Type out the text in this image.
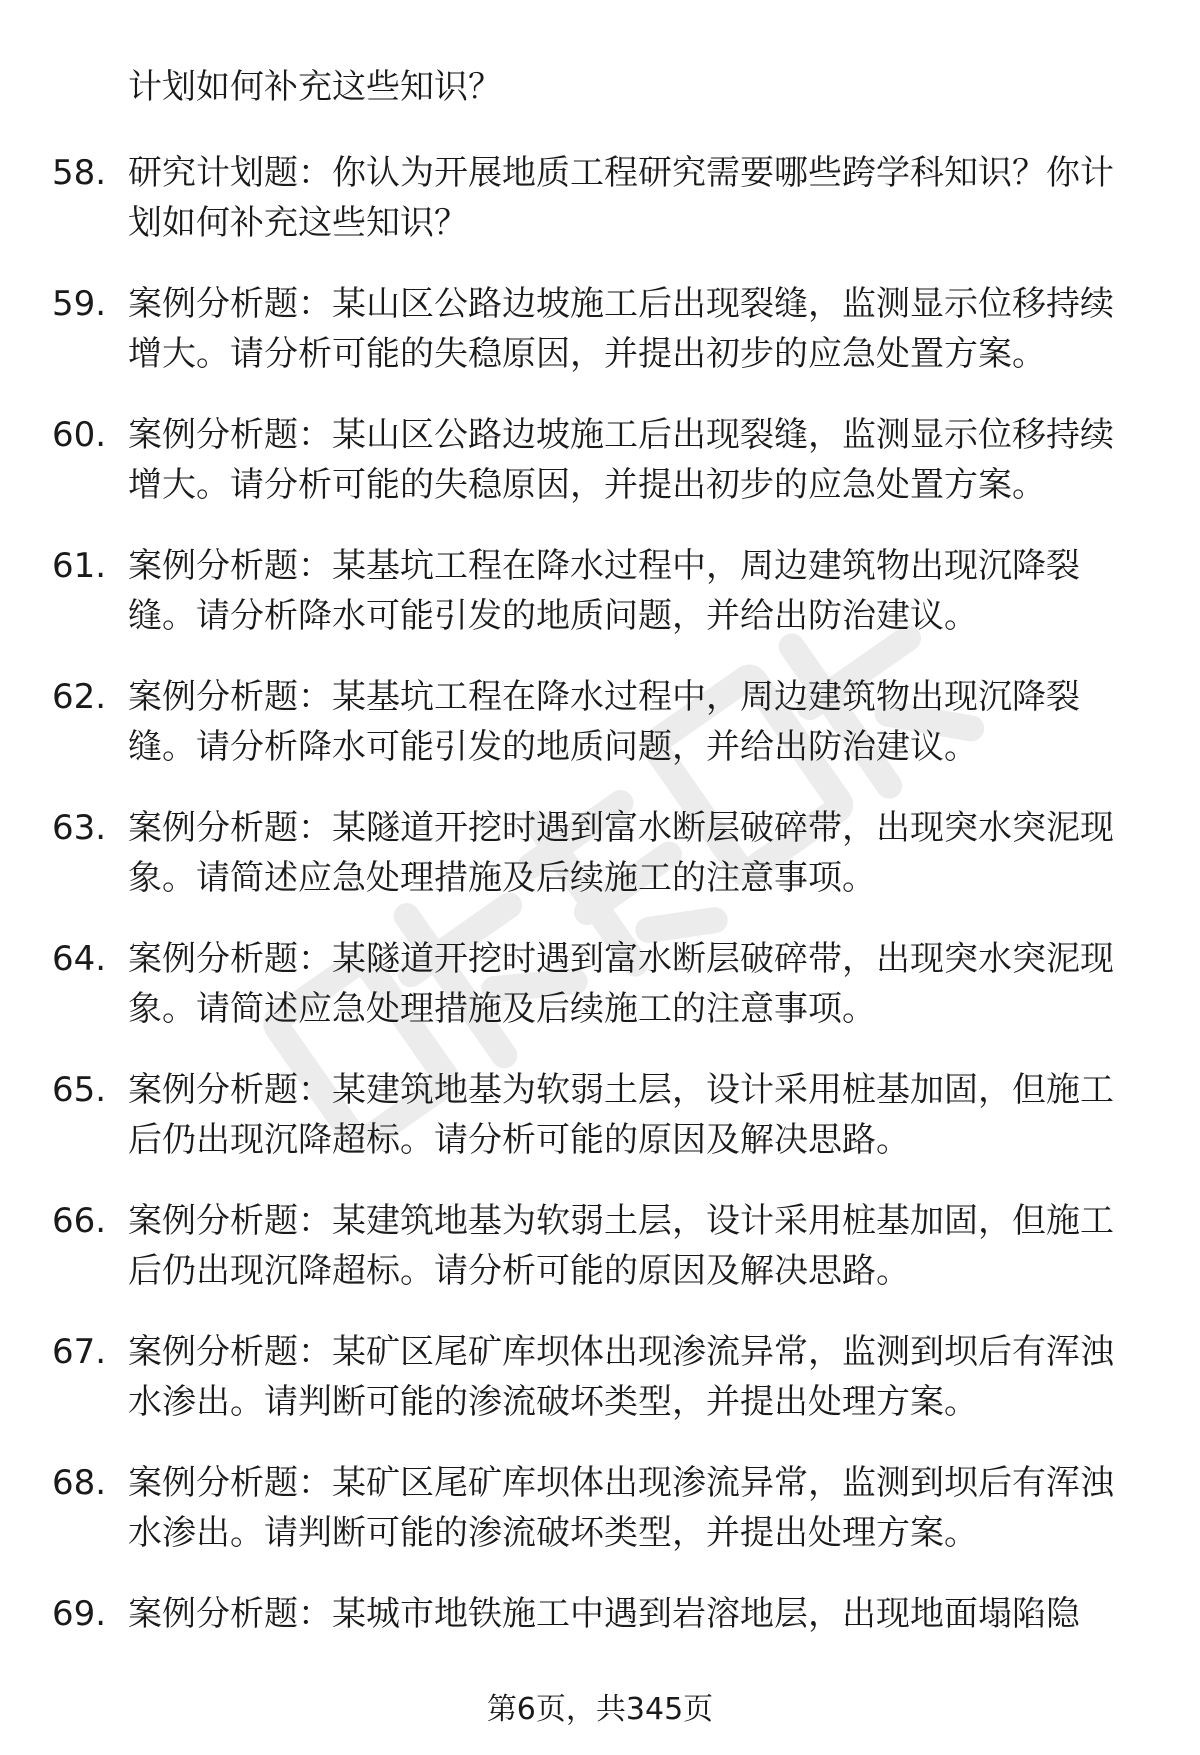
计划如何补充这些知识？

58. 研究计划题：你认为开展地质工程研究需要哪些跨学科知识？你计划如何补充这些知识？

59. 案例分析题：某山区公路边坡施工后出现裂缝，监测显示位移持续增大。请分析可能的失稳原因，并提出初步的应急处置方案。

60. 案例分析题：某山区公路边坡施工后出现裂缝，监测显示位移持续增大。请分析可能的失稳原因，并提出初步的应急处置方案。

61. 案例分析题：某基坑工程在降水过程中，周边建筑物出现沉降裂缝。请分析降水可能引发的地质问题，并给出防治建议。

62. 案例分析题：某基坑工程在降水过程中，周边建筑物出现沉降裂缝。请分析降水可能引发的地质问题，并给出防治建议。

63. 案例分析题：某隧道开挖时遇到富水断层破碎带，出现突水突泥现象。请简述应急处理措施及后续施工的注意事项。

64. 案例分析题：某隧道开挖时遇到富水断层破碎带，出现突水突泥现象。请简述应急处理措施及后续施工的注意事项。

65. 案例分析题：某建筑地基为软弱土层，设计采用桩基加固，但施工后仍出现沉降超标。请分析可能的原因及解决思路。

66. 案例分析题：某建筑地基为软弱土层，设计采用桩基加固，但施工后仍出现沉降超标。请分析可能的原因及解决思路。

67. 案例分析题：某矿区尾矿库坝体出现渗流异常，监测到坝后有浑浊水渗出。请判断可能的渗流破坏类型，并提出处理方案。

68. 案例分析题：某矿区尾矿库坝体出现渗流异常，监测到坝后有浑浊水渗出。请判断可能的渗流破坏类型，并提出处理方案。

69. 案例分析题：某城市地铁施工中遇到岩溶地层，出现地面塌陷隐

第6页，共345页
